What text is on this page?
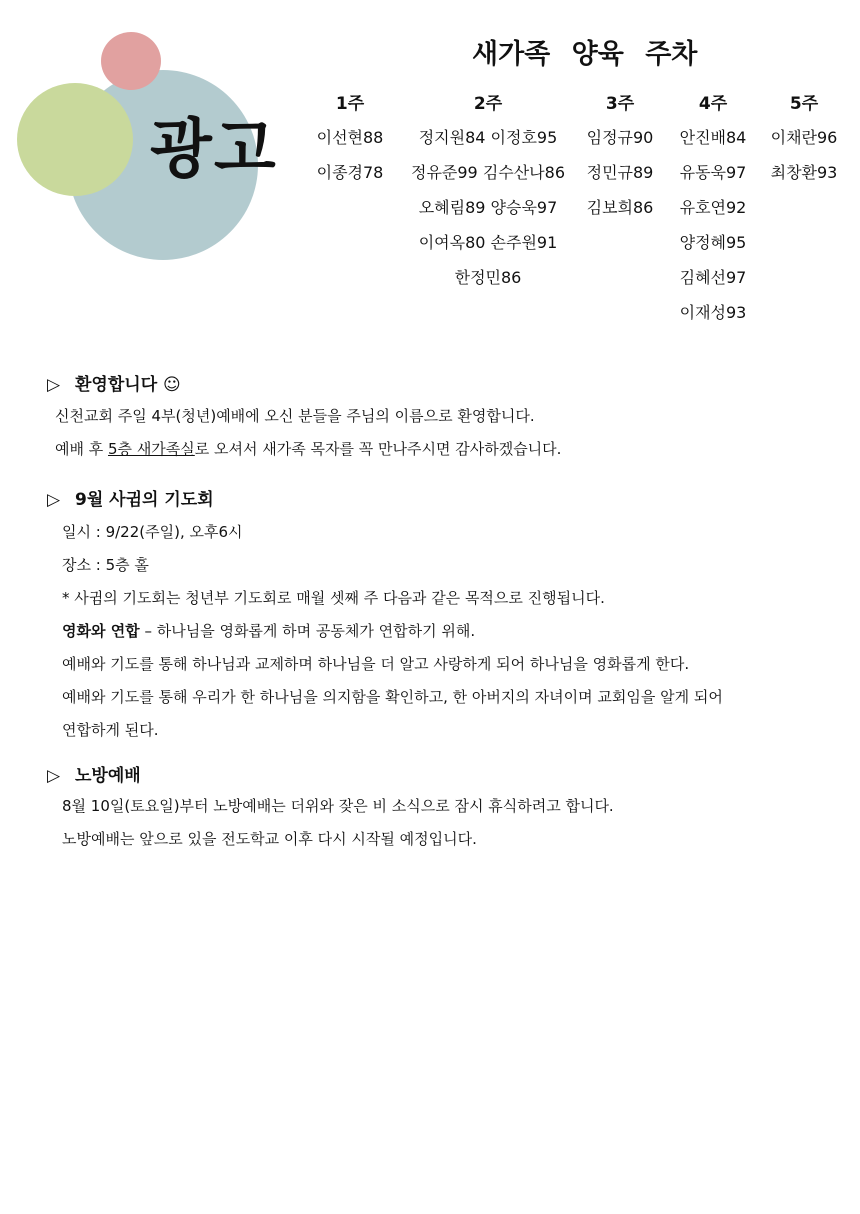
광고
새가족 양육 주차
1주
이선현88
이종경78
2주
정지원84 이정호95
정유준99 김수산나86
오혜림89 양승욱97
이여옥80 손주원91
한정민86
3주
임정규90
정민규89
김보희86
4주
안진배84
유동욱97
유호연92
양정혜95
김혜선97
이재성93
5주
이채란96
최창환93
▷ 환영합니다 ☺
신천교회 주일 4부(청년)예배에 오신 분들을 주님의 이름으로 환영합니다.
예배 후 5층 새가족실로 오셔서 새가족 목자를 꼭 만나주시면 감사하겠습니다.
▷ 9월 사귐의 기도회
일시 : 9/22(주일), 오후6시
장소 : 5층 홀
* 사귐의 기도회는 청년부 기도회로 매월 셋째 주 다음과 같은 목적으로 진행됩니다.
영화와 연합 – 하나님을 영화롭게 하며 공동체가 연합하기 위해.
예배와 기도를 통해 하나님과 교제하며 하나님을 더 알고 사랑하게 되어 하나님을 영화롭게 한다.
예배와 기도를 통해 우리가 한 하나님을 의지함을 확인하고, 한 아버지의 자녀이며 교회임을 알게 되어
연합하게 된다.
▷ 노방예배
8월 10일(토요일)부터 노방예배는 더위와 잦은 비 소식으로 잠시 휴식하려고 합니다.
노방예배는 앞으로 있을 전도학교 이후 다시 시작될 예정입니다.
